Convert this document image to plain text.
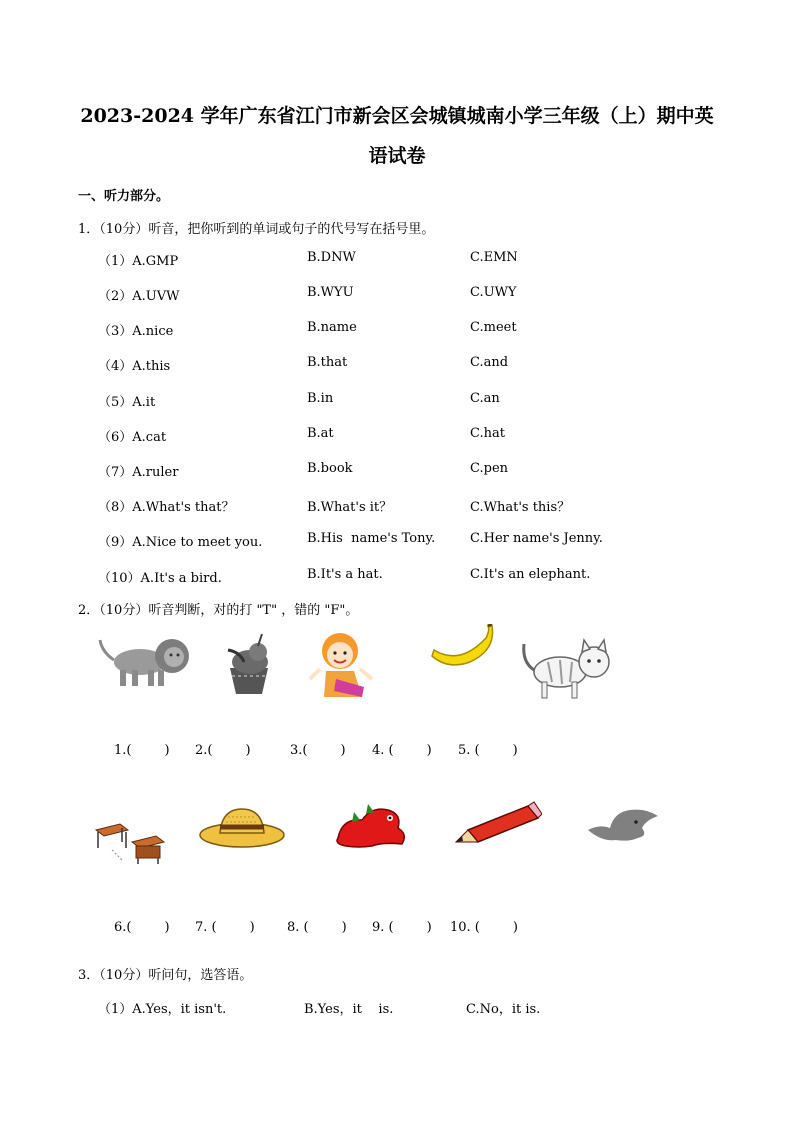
2023-2024 学年广东省江门市新会区会城镇城南小学三年级（上）期中英
语试卷
一、听力部分。
1．（10分）听音，把你听到的单词或句子的代号写在括号里。
（1）A.GMP	B.DNW	C.EMN
（2）A.UVW	B.WYU	C.UWY
（3）A.nice	B.name	C.meet
（4）A.this	B.that	C.and
（5）A.it	B.in	C.an
（6）A.cat	B.at	C.hat
（7）A.ruler	B.book	C.pen
（8）A.What's that？	B.What's it？	C.What's this？
（9）A.Nice to meet you.	B.His  name's Tony.	C.Her name's Jenny.
（10）A.It's a bird.	B.It's a hat.	C.It's an elephant.
2．（10分）听音判断，对的打 "T" ，错的 "F"。
1.(        ) 2.(        )	3.(        ) 4. (        ) 5. (        )
6.(        ) 7. (        ) 8. (        ) 9. (        ) 10. (        )
3．（10分）听问句，选答语。
（1）A.Yes，it isn't.	B.Yes，it    is.	C.No，it is.
